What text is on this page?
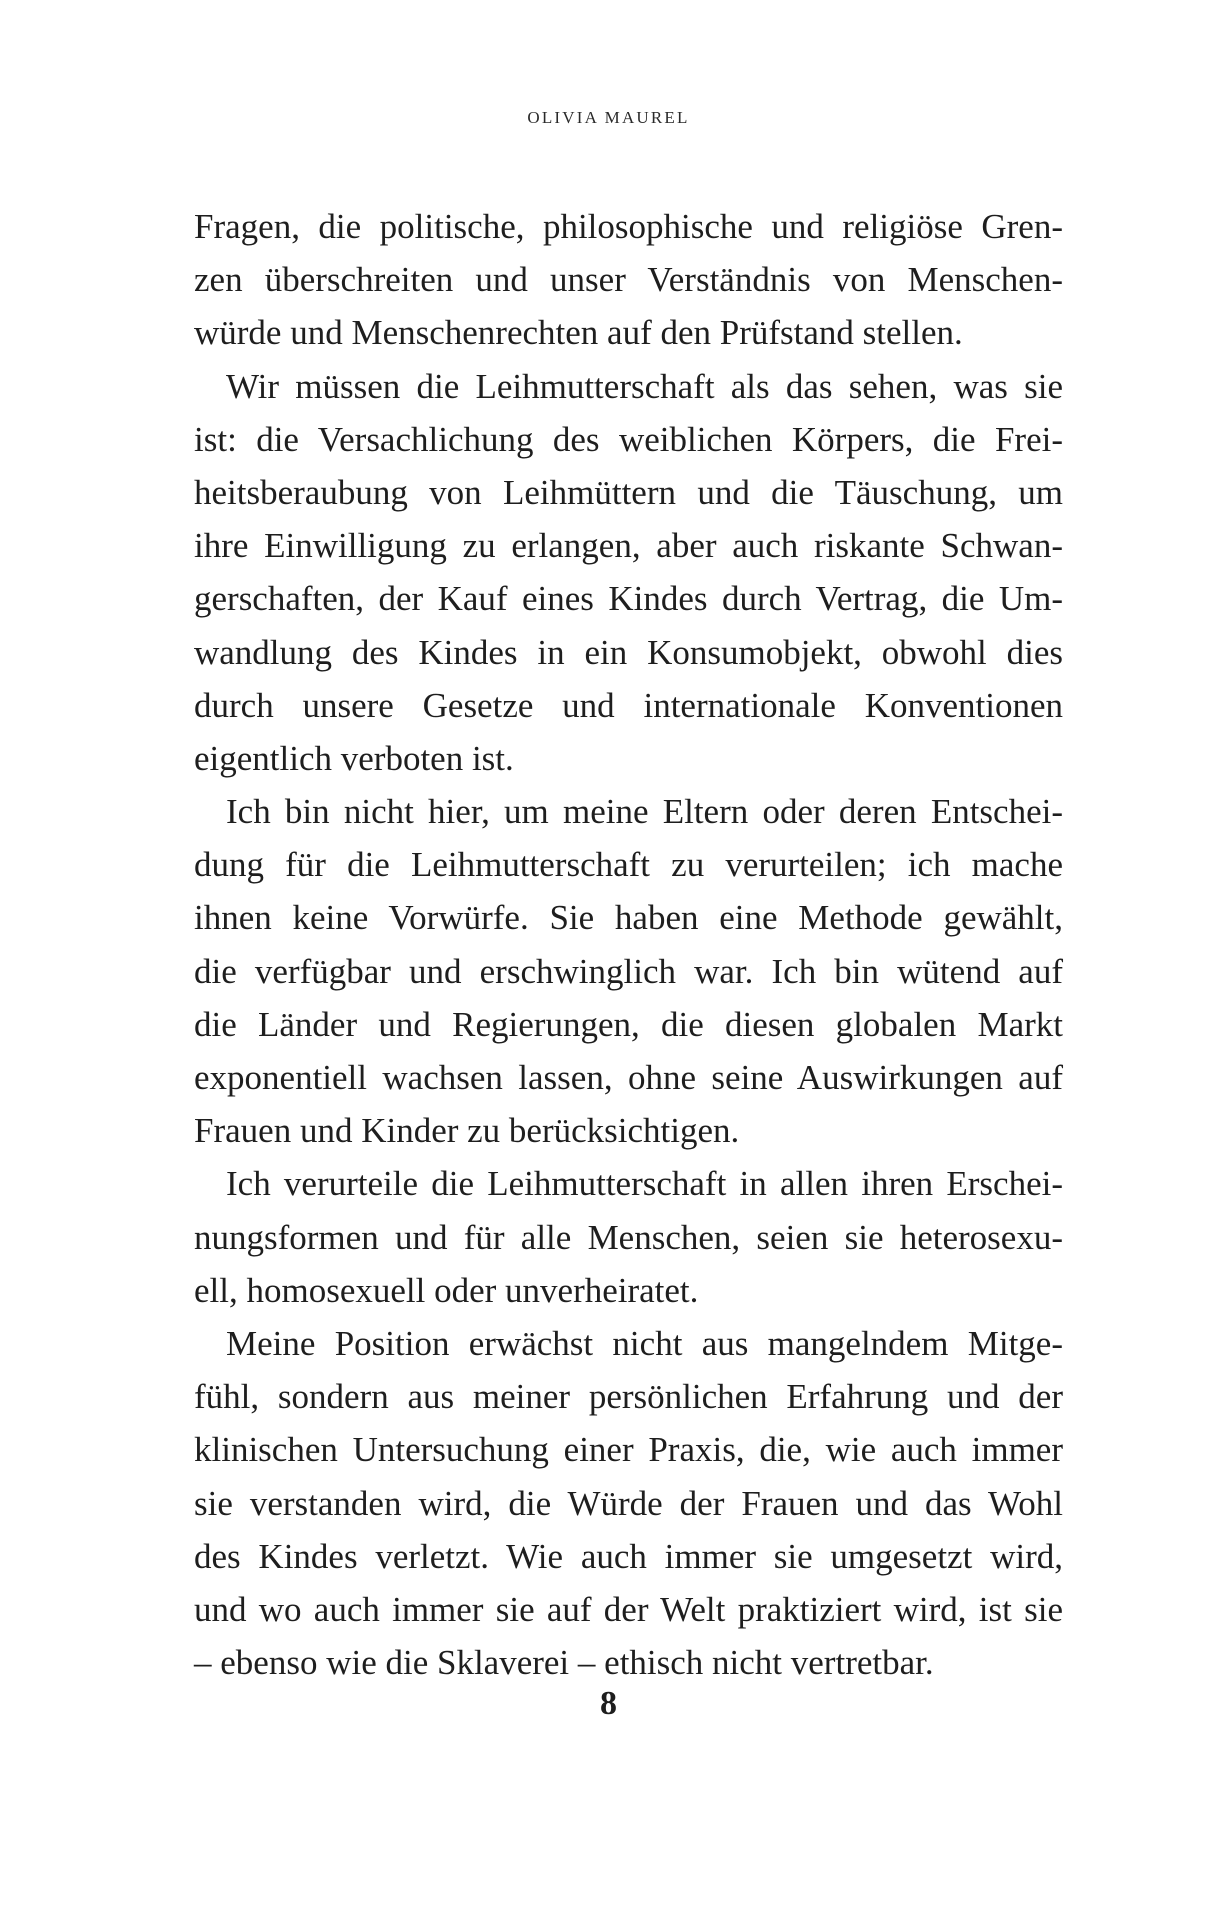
OLIVIA MAUREL
Fragen, die politische, philosophische und religiöse Gren-
zen überschreiten und unser Verständnis von Menschen-
würde und Menschenrechten auf den Prüfstand stellen.
Wir müssen die Leihmutterschaft als das sehen, was sie
ist: die Versachlichung des weiblichen Körpers, die Frei-
heitsberaubung von Leihmüttern und die Täuschung, um
ihre Einwilligung zu erlangen, aber auch riskante Schwan-
gerschaften, der Kauf eines Kindes durch Vertrag, die Um-
wandlung des Kindes in ein Konsumobjekt, obwohl dies
durch unsere Gesetze und internationale Konventionen
eigentlich verboten ist.
Ich bin nicht hier, um meine Eltern oder deren Entschei-
dung für die Leihmutterschaft zu verurteilen; ich mache
ihnen keine Vorwürfe. Sie haben eine Methode gewählt,
die verfügbar und erschwinglich war. Ich bin wütend auf
die Länder und Regierungen, die diesen globalen Markt
exponentiell wachsen lassen, ohne seine Auswirkungen auf
Frauen und Kinder zu berücksichtigen.
Ich verurteile die Leihmutterschaft in allen ihren Erschei-
nungsformen und für alle Menschen, seien sie heterosexu-
ell, homosexuell oder unverheiratet.
Meine Position erwächst nicht aus mangelndem Mitge-
fühl, sondern aus meiner persönlichen Erfahrung und der
klinischen Untersuchung einer Praxis, die, wie auch immer
sie verstanden wird, die Würde der Frauen und das Wohl
des Kindes verletzt. Wie auch immer sie umgesetzt wird,
und wo auch immer sie auf der Welt praktiziert wird, ist sie
– ebenso wie die Sklaverei – ethisch nicht vertretbar.
8
